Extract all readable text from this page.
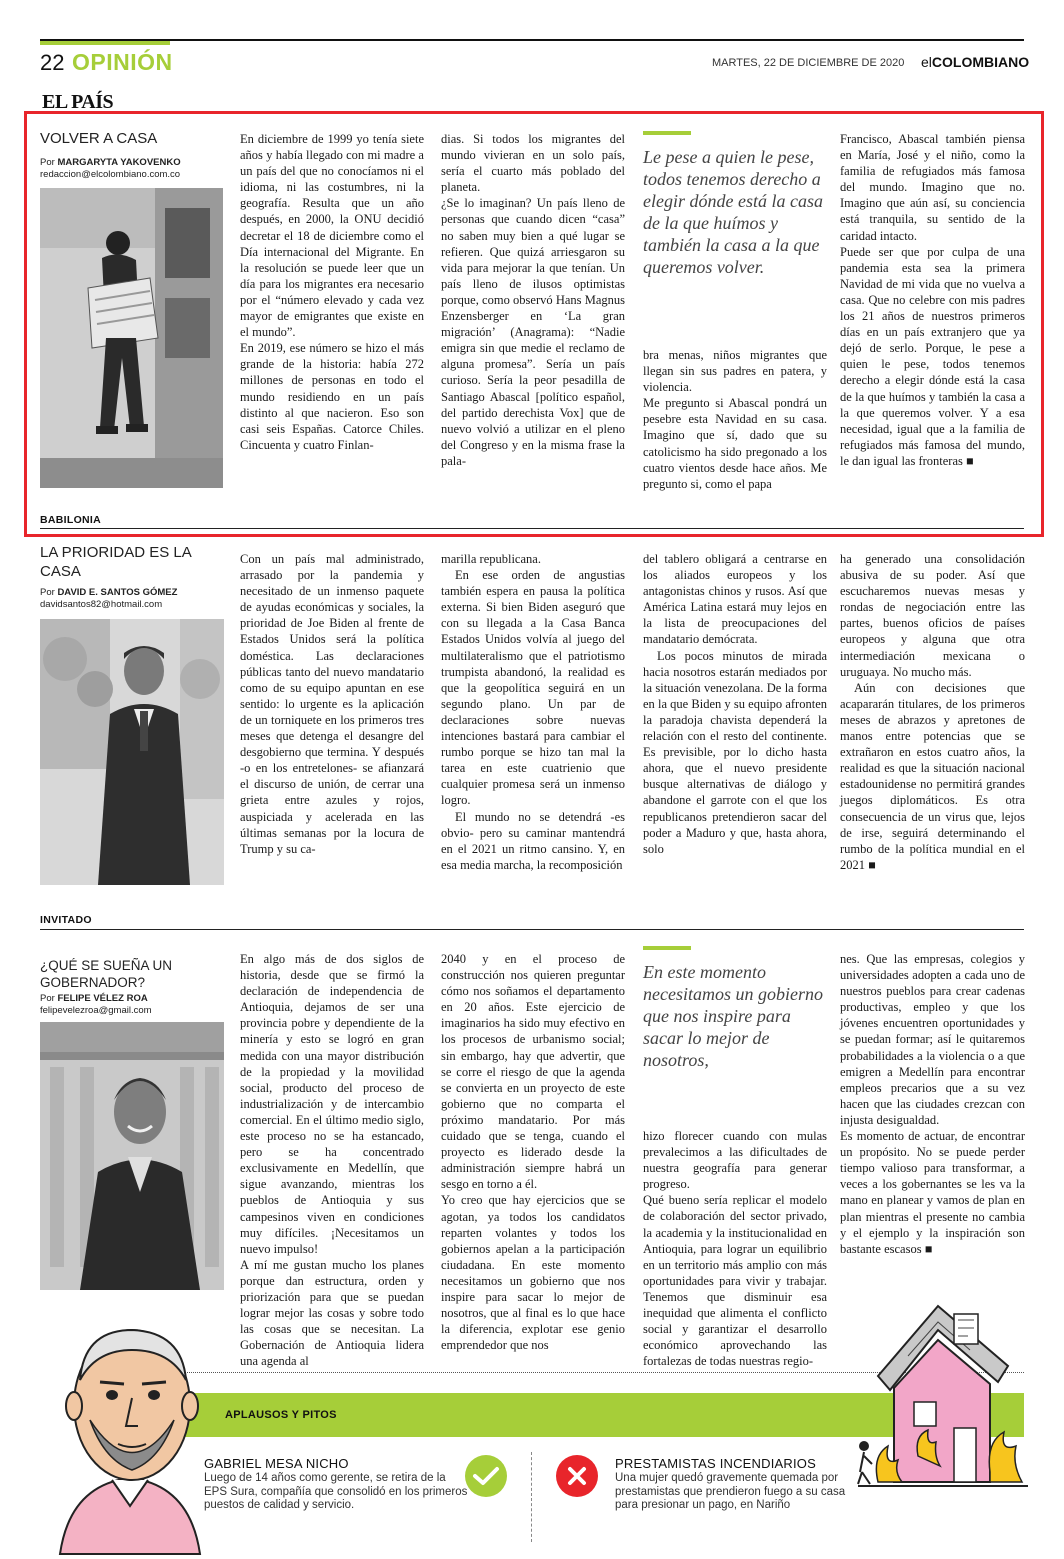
22 OPINIÓN	MARTES, 22 DE DICIEMBRE DE 2020 elCOLOMBIANO
EL PAÍS
VOLVER A CASA
Por MARGARYTA YAKOVENKO
redaccion@elcolombiano.com.co

En diciembre de 1999 yo tenía siete años y había llegado con mi madre a un país del que no conocíamos ni el idioma, ni las costumbres, ni la geografía. Resulta que un año después, en 2000, la ONU decidió decretar el 18 de diciembre como el Día internacional del Migrante. En la resolución se puede leer que un día para los migrantes era necesario por el “número elevado y cada vez mayor de emigrantes que existe en el mundo”.

En 2019, ese número se hizo el más grande de la historia: había 272 millones de personas en todo el mundo residiendo en un país distinto al que nacieron. Eso son casi seis Españas. Catorce Chiles. Cincuenta y cuatro Finlan-

dias. Si todos los migrantes del mundo vivieran en un solo país, sería el cuarto más poblado del planeta.

¿Se lo imaginan? Un país lleno de personas que cuando dicen “casa” no saben muy bien a qué lugar se refieren. Que quizá arriesgaron su vida para mejorar la que tenían. Un país lleno de ilusos optimistas porque, como observó Hans Magnus Enzensberger en ‘La gran migración’ (Anagrama): “Nadie emigra sin que medie el reclamo de alguna promesa”. Sería un país curioso. Sería la peor pesadilla de Santiago Abascal [político español, del partido derechista Vox] que de nuevo volvió a utilizar en el pleno del Congreso y en la misma frase la pala-

Le pese a quien le pese, todos tenemos derecho a elegir dónde está la casa de la que huímos y también la casa a la que queremos volver.

bra menas, niños migrantes que llegan sin sus padres en patera, y violencia.

Me pregunto si Abascal pondrá un pesebre esta Navidad en su casa. Imagino que sí, dado que su catolicismo ha sido pregonado a los cuatro vientos desde hace años. Me pregunto si, como el papa

Francisco, Abascal también piensa en María, José y el niño, como la familia de refugiados más famosa del mundo. Imagino que no. Imagino que aún así, su conciencia está tranquila, su sentido de la caridad intacto.

Puede ser que por culpa de una pandemia esta sea la primera Navidad de mi vida que no vuelva a casa. Que no celebre con mis padres los 21 años de nuestros primeros días en un país extranjero que ya dejó de serlo. Porque, le pese a quien le pese, todos tenemos derecho a elegir dónde está la casa de la que huímos y también la casa a la que queremos volver. Y a esa necesidad, igual que a la familia de refugiados más famosa del mundo, le dan igual las fronteras ■

BABILONIA
LA PRIORIDAD ES LA CASA
Por DAVID E. SANTOS GÓMEZ
davidsantos82@hotmail.com

Con un país mal administrado, arrasado por la pandemia y necesitado de un inmenso paquete de ayudas económicas y sociales, la prioridad de Joe Biden al frente de Estados Unidos será la política doméstica. Las declaraciones públicas tanto del nuevo mandatario como de su equipo apuntan en ese sentido: lo urgente es la aplicación de un torniquete en los primeros tres meses que detenga el desangre del desgobierno que termina. Y después -o en los entretelones- se afianzará el discurso de unión, de cerrar una grieta entre azules y rojos, auspiciada y acelerada en las últimas semanas por la locura de Trump y su ca-

marilla republicana.

En ese orden de angustias también espera en pausa la política externa. Si bien Biden aseguró que con su llegada a la Casa Banca Estados Unidos volvía al juego del multilateralismo que el patriotismo trumpista abandonó, la realidad es que la geopolítica seguirá en un segundo plano. Un par de declaraciones sobre nuevas intenciones bastará para cambiar el rumbo porque se hizo tan mal la tarea en este cuatrienio que cualquier promesa será un inmenso logro.

El mundo no se detendrá -es obvio- pero su caminar mantendrá en el 2021 un ritmo cansino. Y, en esa media marcha, la recomposición

del tablero obligará a centrarse en los aliados europeos y los antagonistas chinos y rusos. Así que América Latina estará muy lejos en la lista de preocupaciones del mandatario demócrata.

Los pocos minutos de mirada hacia nosotros estarán mediados por la situación venezolana. De la forma en la que Biden y su equipo afronten la paradoja chavista dependerá la relación con el resto del continente. Es previsible, por lo dicho hasta ahora, que el nuevo presidente busque alternativas de diálogo y abandone el garrote con el que los republicanos pretendieron sacar del poder a Maduro y que, hasta ahora, solo

ha generado una consolidación abusiva de su poder. Así que escucharemos nuevas mesas y rondas de negociación entre las partes, buenos oficios de países europeos y alguna que otra intermediación mexicana o uruguaya. No mucho más.

Aún con decisiones que acapararán titulares, de los primeros meses de abrazos y apretones de manos entre potencias que se extrañaron en estos cuatro años, la realidad es que la situación nacional estadounidense no permitirá grandes juegos diplomáticos. Es otra consecuencia de un virus que, lejos de irse, seguirá determinando el rumbo de la política mundial en el 2021 ■

INVITADO
¿QUÉ SE SUEÑA UN GOBERNADOR?
Por FELIPE VÉLEZ ROA
felipevelezroa@gmail.com

En algo más de dos siglos de historia, desde que se firmó la declaración de independencia de Antioquia, dejamos de ser una provincia pobre y dependiente de la minería y esto se logró en gran medida con una mayor distribución de la propiedad y la movilidad social, producto del proceso de industrialización y de intercambio comercial. En el último medio siglo, este proceso no se ha estancado, pero se ha concentrado exclusivamente en Medellín, que sigue avanzando, mientras los pueblos de Antioquia y sus campesinos viven en condiciones muy difíciles. ¡Necesitamos un nuevo impulso!

A mí me gustan mucho los planes porque dan estructura, orden y priorización para que se puedan lograr mejor las cosas y sobre todo las cosas que se necesitan. La Gobernación de Antioquia lidera una agenda al

2040 y en el proceso de construcción nos quieren preguntar cómo nos soñamos el departamento en 20 años. Este ejercicio de imaginarios ha sido muy efectivo en los procesos de urbanismo social; sin embargo, hay que advertir, que se corre el riesgo de que la agenda se convierta en un proyecto de este gobierno que no comparta el próximo mandatario. Por más cuidado que se tenga, cuando el proyecto es liderado desde la administración siempre habrá un sesgo en torno a él.

Yo creo que hay ejercicios que se agotan, ya todos los candidatos reparten volantes y todos los gobiernos apelan a la participación ciudadana. En este momento necesitamos un gobierno que nos inspire para sacar lo mejor de nosotros, que al final es lo que hace la diferencia, explotar ese genio emprendedor que nos

En este momento necesitamos un gobierno que nos inspire para sacar lo mejor de nosotros,

hizo florecer cuando con mulas prevalecimos a las dificultades de nuestra geografía para generar progreso.

Qué bueno sería replicar el modelo de colaboración del sector privado, la academia y la institucionalidad en Antioquia, para lograr un equilibrio en un territorio más amplio con más oportunidades para vivir y trabajar. Tenemos que disminuir esa inequidad que alimenta el conflicto social y garantizar el desarrollo económico aprovechando las fortalezas de todas nuestras regio-

nes. Que las empresas, colegios y universidades adopten a cada uno de nuestros pueblos para crear cadenas productivas, empleo y que los jóvenes encuentren oportunidades y se puedan formar; así le quitaremos probabilidades a la violencia o a que emigren a Medellín para encontrar empleos precarios que a su vez hacen que las ciudades crezcan con injusta desigualdad.

Es momento de actuar, de encontrar un propósito. No se puede perder tiempo valioso para transformar, a veces a los gobernantes se les va la mano en planear y vamos de plan en plan mientras el presente no cambia y el ejemplo y la inspiración son bastante escasos ■

APLAUSOS Y PITOS
GABRIEL MESA NICHO
Luego de 14 años como gerente, se retira de la EPS Sura, compañía que consolidó en los primeros puestos de calidad y servicio.
PRESTAMISTAS INCENDIARIOS
Una mujer quedó gravemente quemada por prestamistas que prendieron fuego a su casa para presionar un pago, en Nariño
